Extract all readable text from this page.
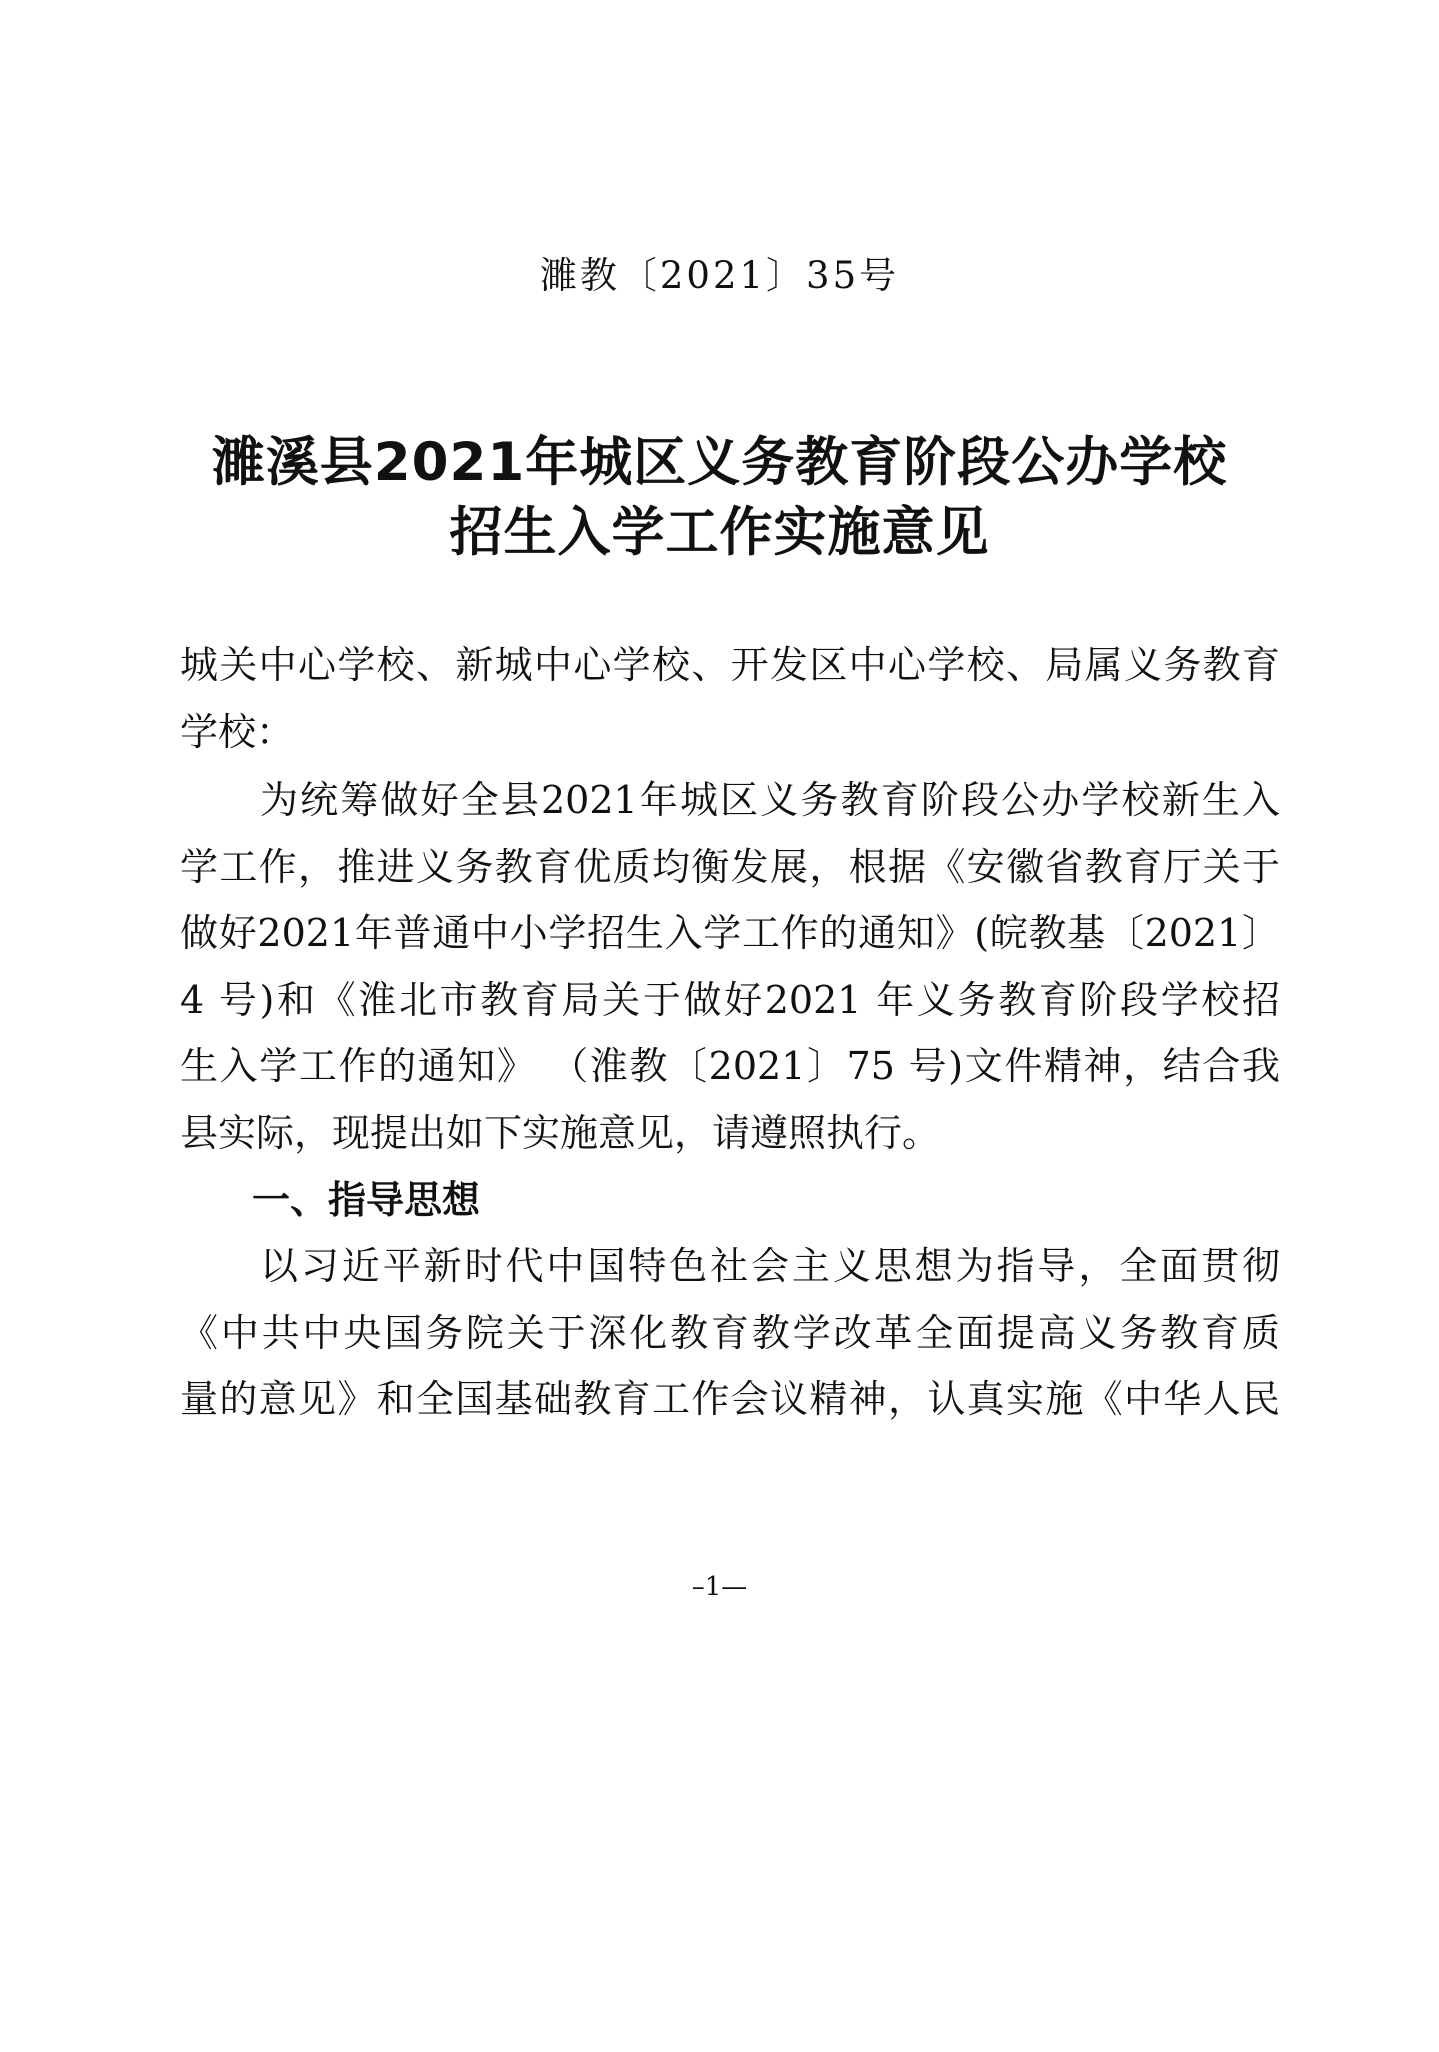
濉教〔2021〕35号
濉溪县2021年城区义务教育阶段公办学校
招生入学工作实施意见
城关中心学校、新城中心学校、开发区中心学校、局属义务教育
学校：
为统筹做好全县2021年城区义务教育阶段公办学校新生入
学工作，推进义务教育优质均衡发展，根据《安徽省教育厅关于
做好2021年普通中小学招生入学工作的通知》(皖教基〔2021〕
4 号)和《淮北市教育局关于做好2021 年义务教育阶段学校招
生入学工作的通知》 （淮教〔2021〕75 号)文件精神，结合我
县实际，现提出如下实施意见，请遵照执行。
一、指导思想
以习近平新时代中国特色社会主义思想为指导，全面贯彻
《中共中央国务院关于深化教育教学改革全面提高义务教育质
量的意见》和全国基础教育工作会议精神，认真实施《中华人民
–1—
